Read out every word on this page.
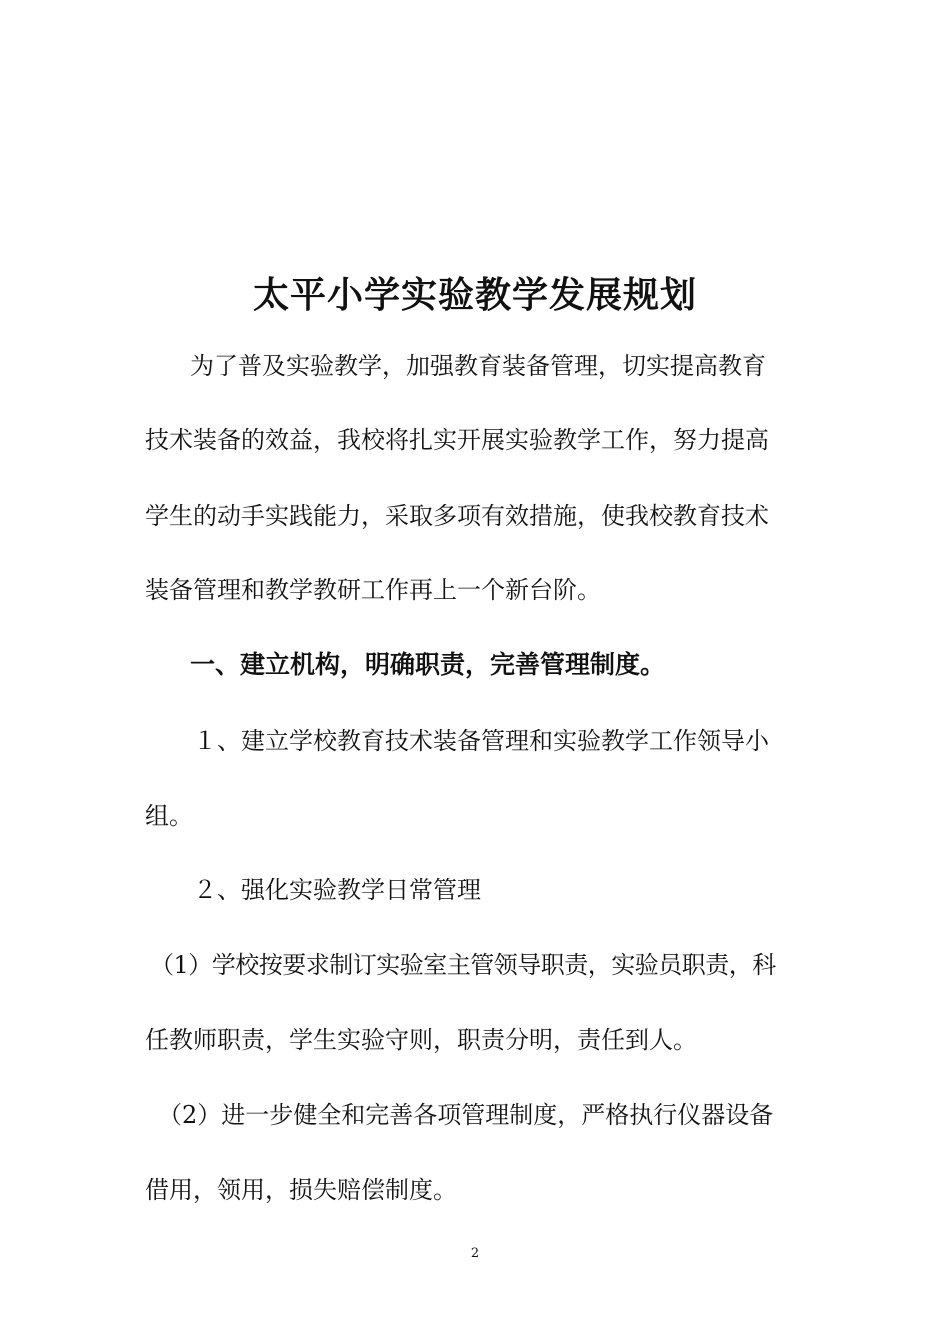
太平小学实验教学发展规划

为了普及实验教学，加强教育装备管理，切实提高教育

技术装备的效益，我校将扎实开展实验教学工作，努力提高

学生的动手实践能力，采取多项有效措施，使我校教育技术

装备管理和教学教研工作再上一个新台阶。

一、建立机构，明确职责，完善管理制度。

１、建立学校教育技术装备管理和实验教学工作领导小

组。

２、强化实验教学日常管理

（1）学校按要求制订实验室主管领导职责，实验员职责，科

任教师职责，学生实验守则，职责分明，责任到人。

（2）进一步健全和完善各项管理制度，严格执行仪器设备

借用，领用，损失赔偿制度。

2
